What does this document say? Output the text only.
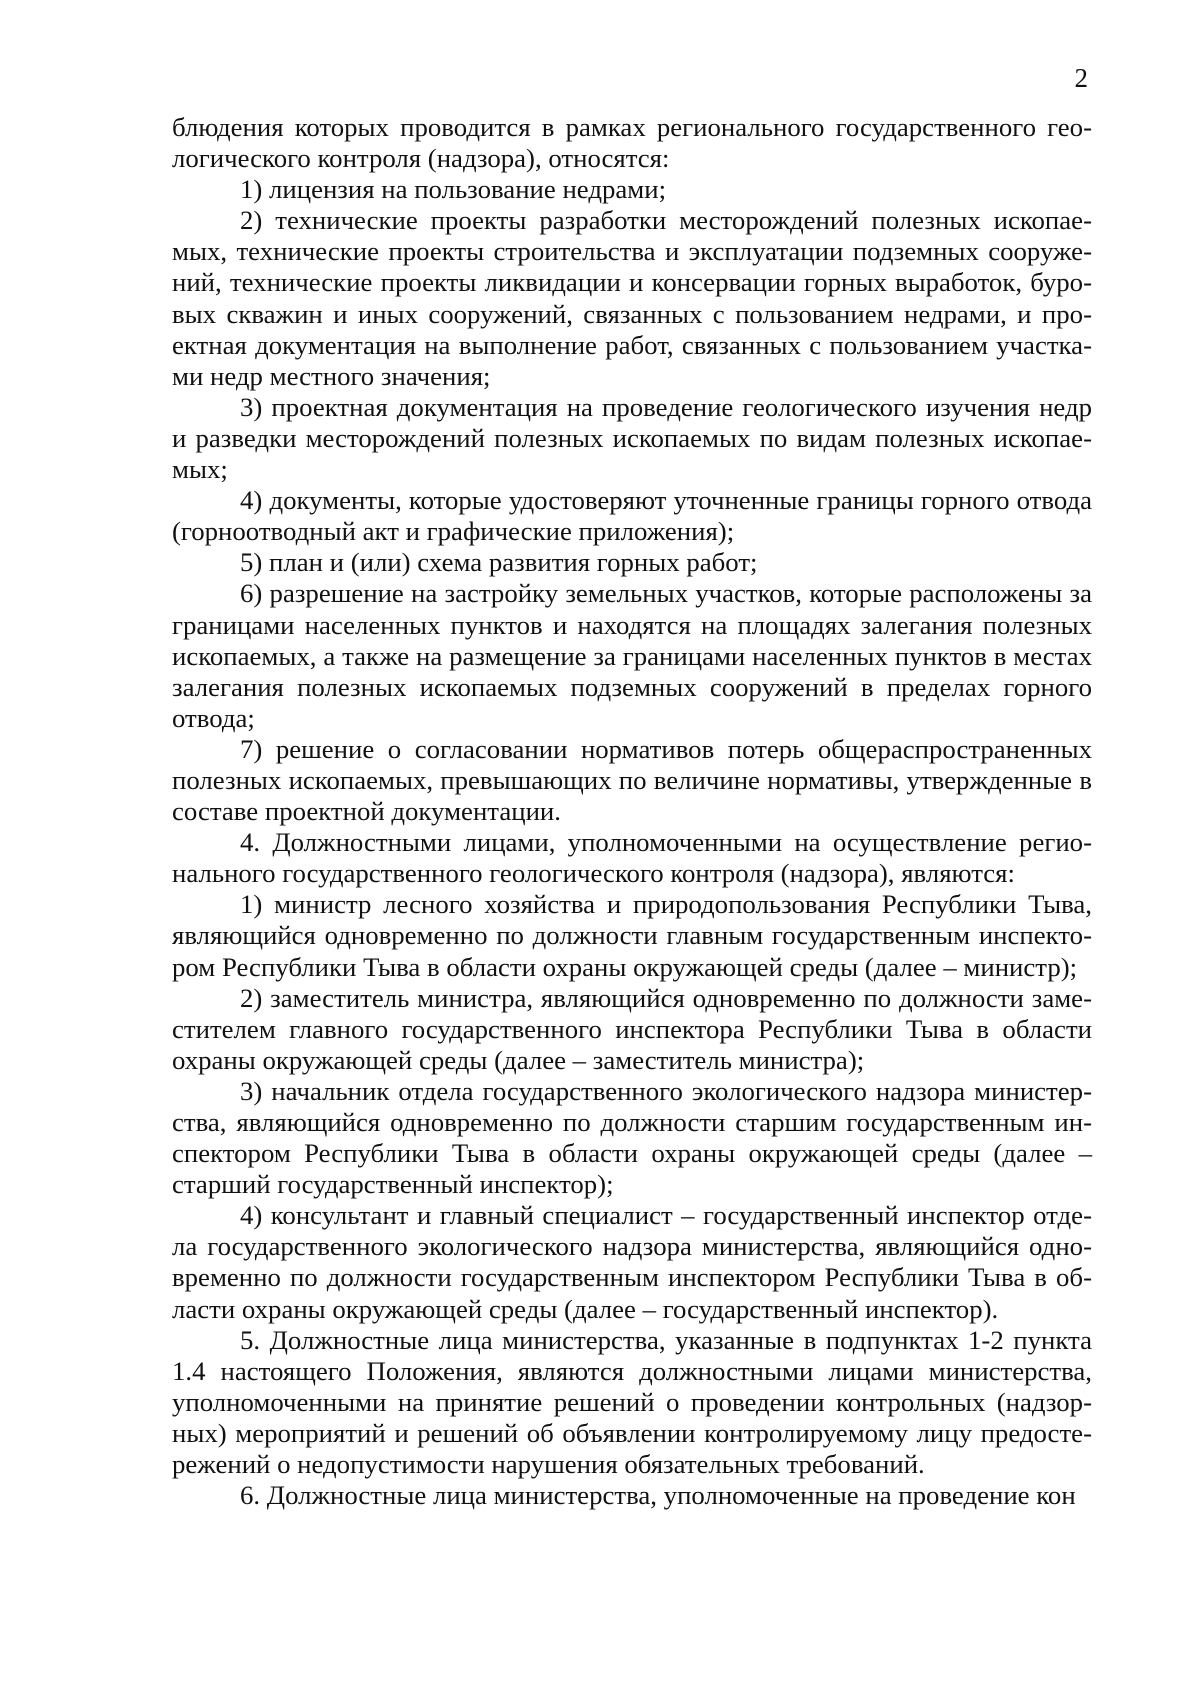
2

блюдения которых проводится в рамках регионального государственного геологического контроля (надзора), относятся:

1) лицензия на пользование недрами;

2) технические проекты разработки месторождений полезных ископаемых, технические проекты строительства и эксплуатации подземных сооружений, технические проекты ликвидации и консервации горных выработок, буровых скважин и иных сооружений, связанных с пользованием недрами, и проектная документация на выполнение работ, связанных с пользованием участками недр местного значения;

3) проектная документация на проведение геологического изучения недр и разведки месторождений полезных ископаемых по видам полезных ископаемых;

4) документы, которые удостоверяют уточненные границы горного отвода (горноотводный акт и графические приложения);

5) план и (или) схема развития горных работ;

6) разрешение на застройку земельных участков, которые расположены за границами населенных пунктов и находятся на площадях залегания полезных ископаемых, а также на размещение за границами населенных пунктов в местах залегания полезных ископаемых подземных сооружений в пределах горного отвода;

7) решение о согласовании нормативов потерь общераспространенных полезных ископаемых, превышающих по величине нормативы, утвержденные в составе проектной документации.

4. Должностными лицами, уполномоченными на осуществление регионального государственного геологического контроля (надзора), являются:

1) министр лесного хозяйства и природопользования Республики Тыва, являющийся одновременно по должности главным государственным инспектором Республики Тыва в области охраны окружающей среды (далее – министр);

2) заместитель министра, являющийся одновременно по должности заместителем главного государственного инспектора Республики Тыва в области охраны окружающей среды (далее – заместитель министра);

3) начальник отдела государственного экологического надзора министерства, являющийся одновременно по должности старшим государственным инспектором Республики Тыва в области охраны окружающей среды (далее – старший государственный инспектор);

4) консультант и главный специалист – государственный инспектор отдела государственного экологического надзора министерства, являющийся одновременно по должности государственным инспектором Республики Тыва в области охраны окружающей среды (далее – государственный инспектор).

5. Должностные лица министерства, указанные в подпунктах 1-2 пункта 1.4 настоящего Положения, являются должностными лицами министерства, уполномоченными на принятие решений о проведении контрольных (надзорных) мероприятий и решений об объявлении контролируемому лицу предостережений о недопустимости нарушения обязательных требований.

6. Должностные лица министерства, уполномоченные на проведение кон
